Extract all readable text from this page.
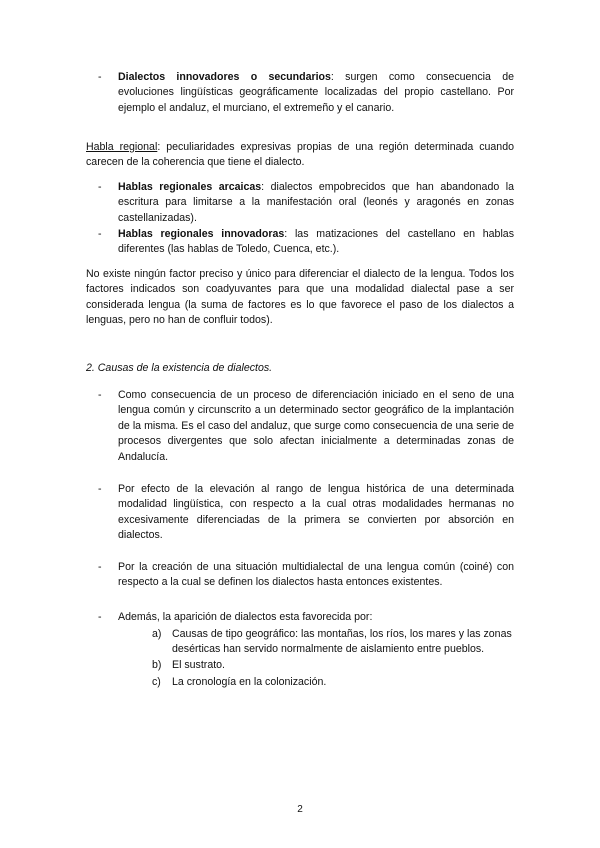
-	Dialectos innovadores o secundarios: surgen como consecuencia de evoluciones lingüísticas geográficamente localizadas del propio castellano. Por ejemplo el andaluz, el murciano, el extremeño y el canario.
Habla regional: peculiaridades expresivas propias de una región determinada cuando carecen de la coherencia que tiene el dialecto.
-	Hablas regionales arcaicas: dialectos empobrecidos que han abandonado la escritura para limitarse a la manifestación oral (leonés y aragonés en zonas castellanizadas).
-	Hablas regionales innovadoras: las matizaciones del castellano en hablas diferentes (las hablas de Toledo, Cuenca, etc.).
No existe ningún factor preciso y único para diferenciar el dialecto de la lengua. Todos los factores indicados son coadyuvantes para que una modalidad dialectal pase a ser considerada lengua (la suma de factores es lo que favorece el paso de los dialectos a lenguas, pero no han de confluir todos).
2. Causas de la existencia de dialectos.
-	Como consecuencia de un proceso de diferenciación iniciado en el seno de una lengua común y circunscrito a un determinado sector geográfico de la implantación de la misma. Es el caso del andaluz, que surge como consecuencia de una serie de procesos divergentes que solo afectan inicialmente a determinadas zonas de Andalucía.
-	Por efecto de la elevación al rango de lengua histórica de una determinada modalidad lingüística, con respecto a la cual otras modalidades hermanas no excesivamente diferenciadas de la primera se convierten por absorción en dialectos.
-	Por la creación de una situación multidialectal de una lengua común (coiné) con respecto a la cual se definen los dialectos hasta entonces existentes.
-	Además, la aparición de dialectos esta favorecida por:
a) Causas de tipo geográfico: las montañas, los ríos, los mares y las zonas desérticas han servido normalmente de aislamiento entre pueblos.
b) El sustrato.
c)	La cronología en la colonización.
2
